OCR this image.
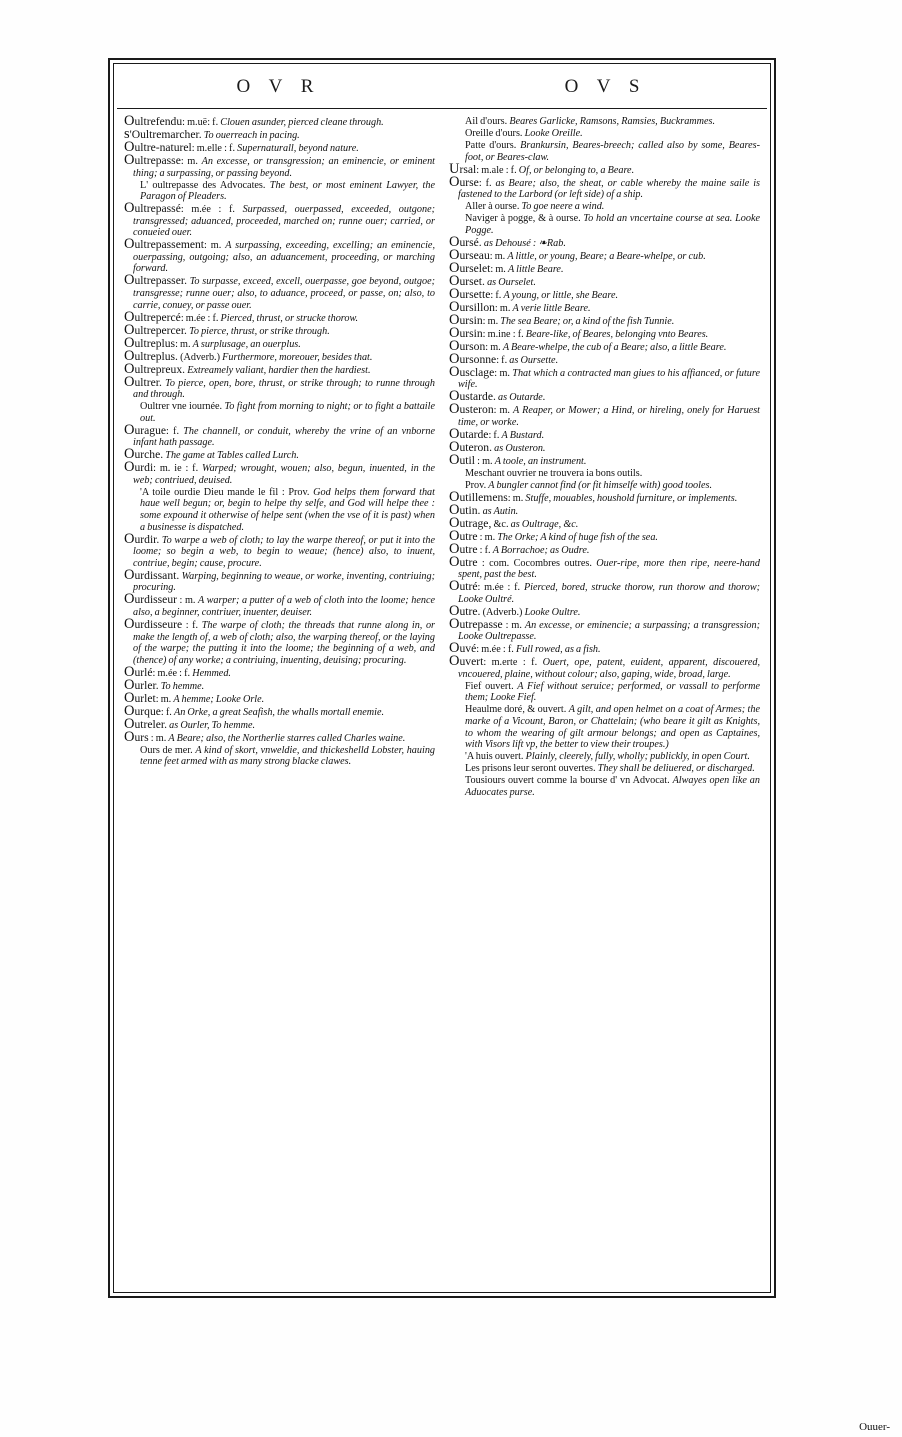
O V R	O V S
Oultrefendu: m.uë: f. Clouen asunder, pierced cleane through.
s'Oultremarcher. To ouerreach in pacing.
Oultre-naturel: m.elle : f. Supernaturall, beyond nature.
Oultrepasse: m. An excesse, or transgression; an eminencie, or eminent thing; a surpassing, or passing beyond.
L' oultrepasse des Advocates. The best, or most eminent Lawyer, the Paragon of Pleaders.
Oultrepassé: m.ée : f. Surpassed, ouerpassed, exceeded, outgone; transgressed; aduanced, proceeded, marched on; runne ouer; carried, or conueied ouer.
Oultrepassement: m. A surpassing, exceeding, excelling; an eminencie, ouerpassing, outgoing; also, an aduancement, proceeding, or marching forward.
Oultrepasser. To surpasse, exceed, excell, ouerpasse, goe beyond, outgoe; transgresse; runne ouer; also, to aduance, proceed, or passe, on; also, to carrie, conuey, or passe ouer.
Oultrepercé: m.ée : f. Pierced, thrust, or strucke thorow.
Oultrepercer. To pierce, thrust, or strike through.
Oultreplus: m. A surplusage, an ouerplus.
Oultreplus. (Adverb.) Furthermore, moreouer, besides that.
Oultrepreux. Extreamely valiant, hardier then the hardiest.
Oultrer. To pierce, open, bore, thrust, or strike through; to runne through and through.
Oultrer vne iournée. To fight from morning to night; or to fight a battaile out.
Ourague: f. The channell, or conduit, whereby the vrine of an vnborne infant hath passage.
Ourche. The game at Tables called Lurch.
Ourdi: m. ie : f. Warped; wrought, wouen; also, begun, inuented, in the web; contriued, deuised.
'A toile ourdie Dieu mande le fil : Prov. God helps them forward that haue well begun; or, begin to helpe thy selfe, and God will helpe thee : some expound it otherwise of helpe sent (when the vse of it is past) when a businesse is dispatched.
Ourdir. To warpe a web of cloth; to lay the warpe thereof, or put it into the loome; so begin a web, to begin to weaue; (hence) also, to inuent, contriue, begin; cause, procure.
Ourdissant. Warping, beginning to weaue, or worke, inventing, contriuing; procuring.
Ourdisseur : m. A warper; a putter of a web of cloth into the loome; hence also, a beginner, contriuer, inuenter, deuiser.
Ourdisseure : f. The warpe of cloth; the threads that runne along in, or make the length of, a web of cloth; also, the warping thereof, or the laying of the warpe; the putting it into the loome; the beginning of a web, and (thence) of any worke; a contriuing, inuenting, deuising; procuring.
Ourlé: m.ée : f. Hemmed.
Ourler. To hemme.
Ourlet: m. A hemme; Looke Orle.
Ourque: f. An Orke, a great Seafish, the whalls mortall enemie.
Outreler. as Ourler, To hemme.
Ours : m. A Beare; also, the Northerlie starres called Charles waine.
Ours de mer. A kind of skort, vnweldie, and thickeshelld Lobster, hauing tenne feet armed with as many strong blacke clawes.
Ail d'ours. Beares Garlicke, Ramsons, Ramsies, Buckrammes.
Oreille d'ours. Looke Oreille.
Patte d'ours. Brankursin, Beares-breech; called also by some, Beares-foot, or Beares-claw.
Ursal: m.ale : f. Of, or belonging to, a Beare.
Ourse: f. as Beare; also, the sheat, or cable whereby the maine saile is fastened to the Larbord (or left side) of a ship.
Aller à ourse. To goe neere a wind.
Naviger à pogge, & à ourse. To hold an vncertaine course at sea. Looke Pogge.
Oursé. as Dehousé : ❧Rab.
Ourseau: m. A little, or young, Beare; a Beare-whelpe, or cub.
Ourselet: m. A little Beare.
Ourset. as Ourselet.
Oursette: f. A young, or little, she Beare.
Oursillon: m. A verie little Beare.
Oursin: m. The sea Beare; or, a kind of the fish Tunnie.
Oursin: m.ine : f. Beare-like, of Beares, belonging vnto Beares.
Ourson: m. A Beare-whelpe, the cub of a Beare; also, a little Beare.
Oursonne: f. as Oursette.
Ousclage: m. That which a contracted man giues to his affianced, or future wife.
Oustarde. as Outarde.
Ousteron: m. A Reaper, or Mower; a Hind, or hireling, onely for Haruest time, or worke.
Outarde: f. A Bustard.
Outeron. as Ousteron.
Outil : m. A toole, an instrument.
Meschant ouvrier ne trouvera ia bons outils.
Prov. A bungler cannot find (or fit himselfe with) good tooles.
Outillemens: m. Stuffe, mouables, houshold furniture, or implements.
Outin. as Autin.
Outrage, &c. as Oultrage, &c.
Outre : m. The Orke; A kind of huge fish of the sea.
Outre : f. A Borrachoe; as Oudre.
Outre : com. Cocombres outres. Ouer-ripe, more then ripe, neere-hand spent, past the best.
Outré: m.ée : f. Pierced, bored, strucke thorow, run thorow and thorow; Looke Oultré.
Outre. (Adverb.) Looke Oultre.
Outrepasse : m. An excesse, or eminencie; a surpassing; a transgression; Looke Oultrepasse.
Ouvé: m.ée : f. Full rowed, as a fish.
Ouvert: m.erte : f. Ouert, ope, patent, euident, apparent, discouered, vncouered, plaine, without colour; also, gaping, wide, broad, large.
Fief ouvert. A Fief without seruice; performed, or vassall to performe them; Looke Fief.
Heaulme doré, & ouvert. A gilt, and open helmet on a coat of Armes; the marke of a Vicount, Baron, or Chattelain; (who beare it gilt as Knights, to whom the wearing of gilt armour belongs; and open as Captaines, with Visors lift vp, the better to view their troupes.)
'A huis ouvert. Plainly, cleerely, fully, wholly; publickly, in open Court.
Les prisons leur seront ouvertes. They shall be deliuered, or discharged.
Tousiours ouvert comme la bourse d' vn Advocat. Alwayes open like an Aduocates purse.
Ouuer-
